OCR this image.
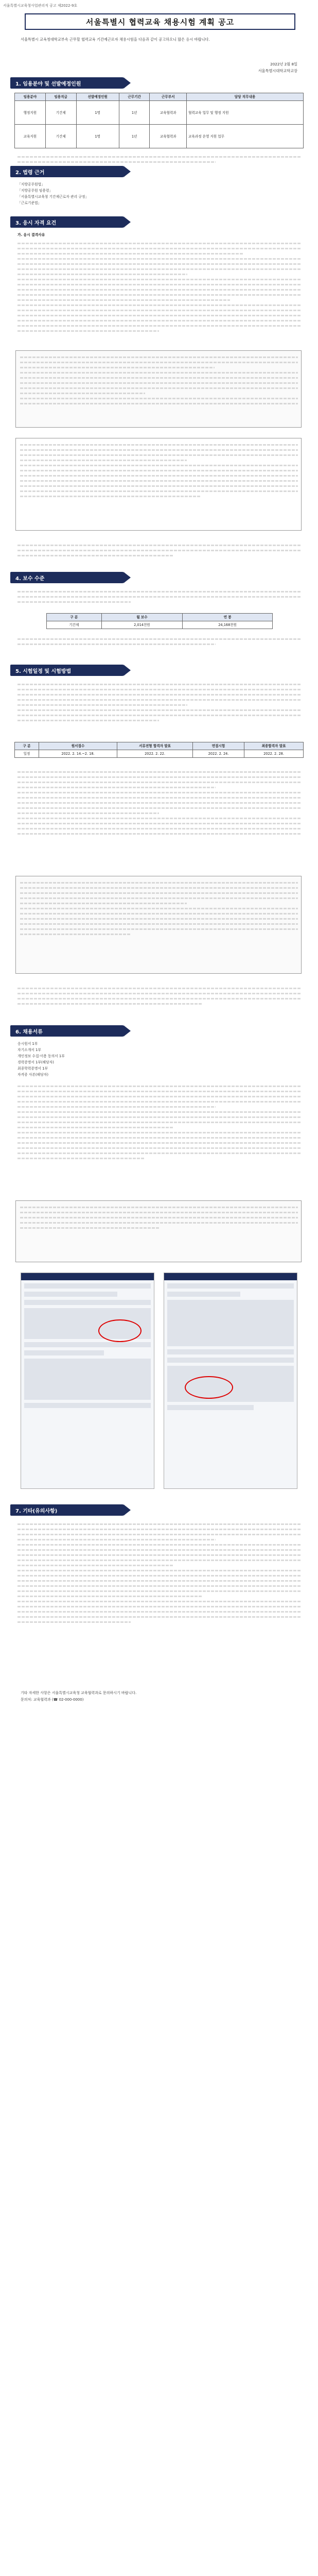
서울특별시교육청사업관리직 공고 제2022-9호
서울특별시 협력교육 채용시험 계획 공고
서울특별시 교육청대학교부속 근무할 협력교육 기간제근로자 채용시험을 다음과 같이 공고하오니 많은 응시 바랍니다.
2022년 2월 8일
서울특별시대학교학교장
1. 임용분야 및 선발예정인원
임용분야	임용직급	선발예정인원	근무기간	근무부서	담당 직무내용
행정지원	기간제	1명	1년	교육협력과	협력교육 업무 및 행정 지원
교육지원	기간제	1명	1년	교육협력과	교육과정 운영 지원 업무
2. 법령 근거

「지방공무원법」

「지방공무원 임용령」

「서울특별시교육청 기간제근로자 관리 규정」

「근로기준법」

3. 응시 자격 요건

가. 응시 결격사유

4. 보수 수준
구 분	월 보수	연 봉
기간제	2,014천원	24,168천원
5. 시험일정 및 시험방법
구 분	원서접수	서류전형 합격자 발표	면접시험	최종합격자 발표
일정	2022. 2. 14.~2. 18.	2022. 2. 22.	2022. 2. 24.	2022. 2. 28.
6. 채용서류

응시원서 1부

자기소개서 1부

개인정보 수집·이용 동의서 1부

경력증명서 1부(해당자)

최종학력증명서 1부

자격증 사본(해당자)

7. 기타(유의사항)
기타 자세한 사항은 서울특별시교육청 교육협력과로 문의하시기 바랍니다.
문의처: 교육협력과 (☎ 02-000-0000)
